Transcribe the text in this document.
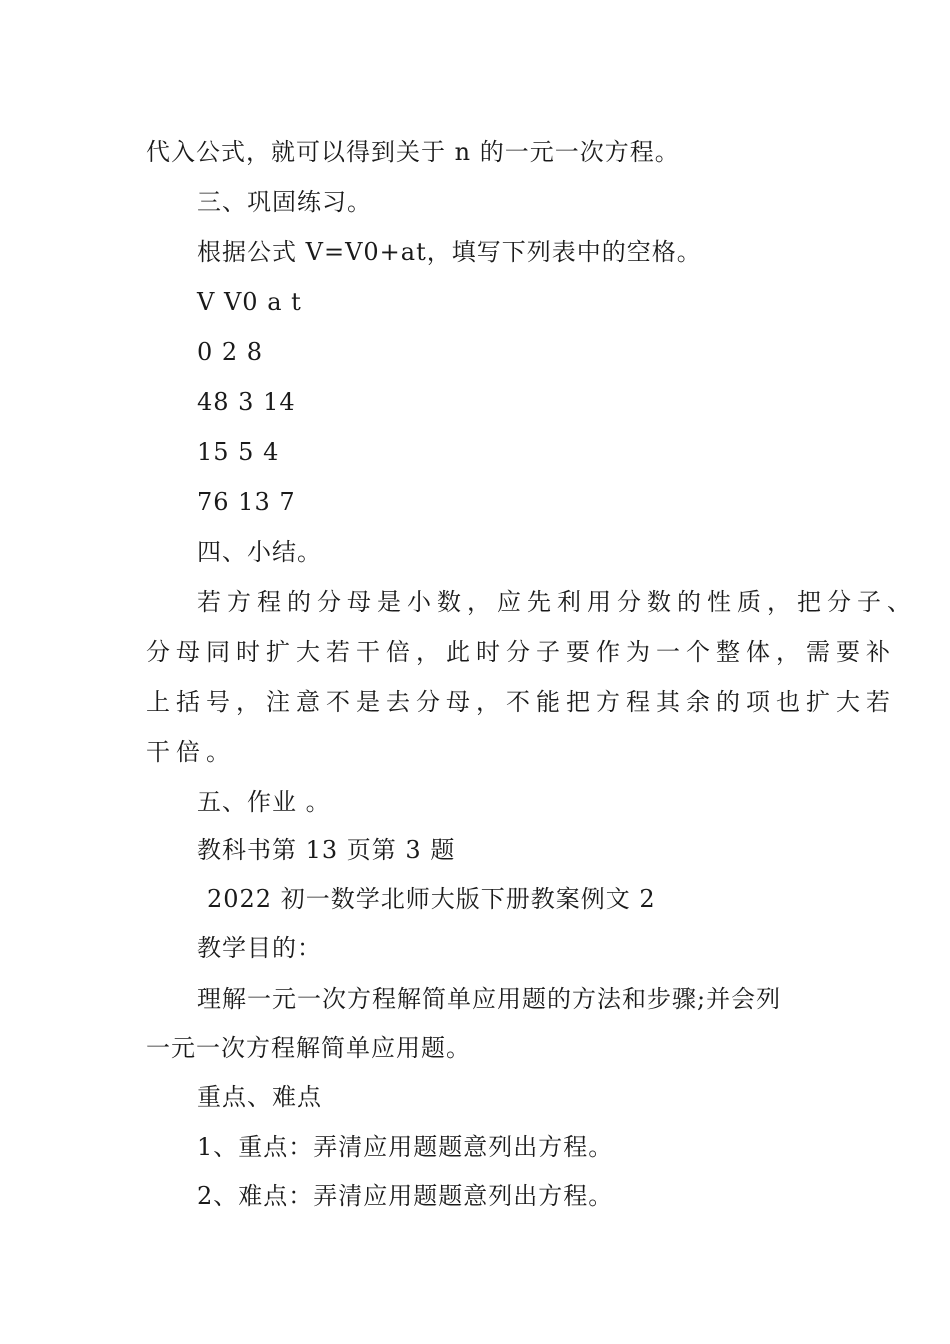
代入公式，就可以得到关于 n 的一元一次方程。
三、巩固练习。
根据公式 V=V0+at，填写下列表中的空格。
V V0 a t
0 2 8
48 3 14
15 5 4
76 13 7
四、小结。
若方程的分母是小数，应先利用分数的性质，把分子、
分母同时扩大若干倍，此时分子要作为一个整体，需要补
上括号，注意不是去分母，不能把方程其余的项也扩大若
干倍。
五、作业 。
教科书第 13 页第 3 题
2022 初一数学北师大版下册教案例文 2
教学目的：
理解一元一次方程解简单应用题的方法和步骤;并会列
一元一次方程解简单应用题。
重点、难点
1、重点：弄清应用题题意列出方程。
2、难点：弄清应用题题意列出方程。
